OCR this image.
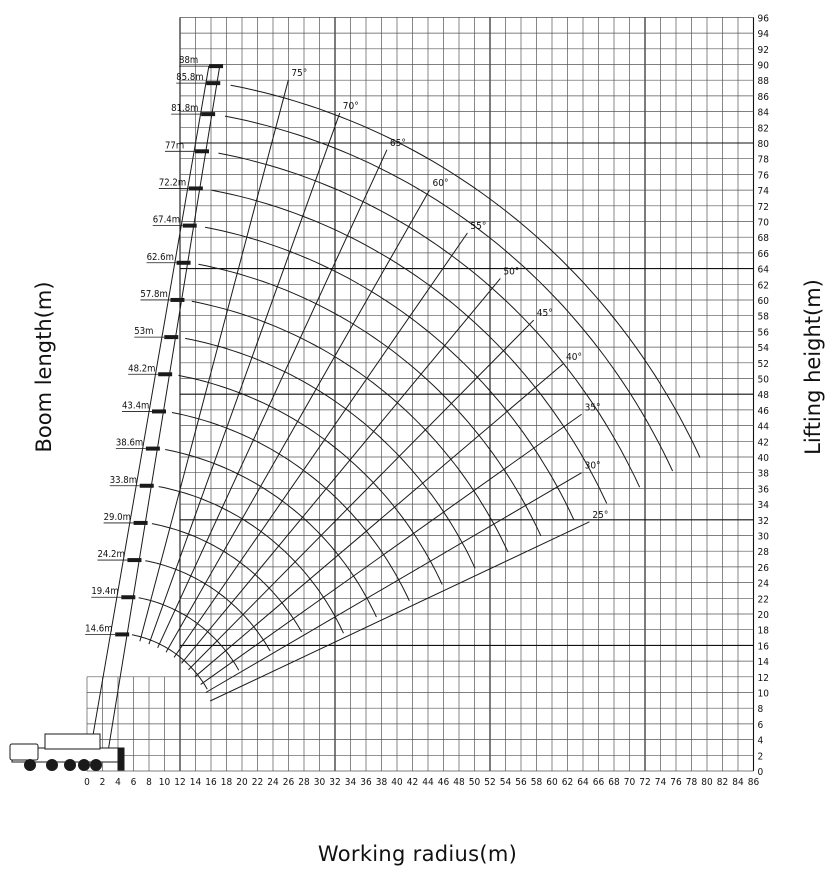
0 2 4 6 8 10 12 14 16 18 20 22 24 26 28 30 32 34 36 38 40 42 44 46 48 50 52 54 56 58 60 62 64 66 68 70 72 74 76 78 80 82 84 86
0
2
4
6
8
10
12
14
16
18
20
22
24
26
28
30
32
34
36
38
40
42
44
46
48
50
52
54
56
58
60
62
64
66
68
70
72
74
76
78
80
82
84
86
88
90
92
94
96
75°
70°
65°
60°
55°
50°
45°
40°
35°
30°
25°
14.6m
19.4m
24.2m
29.0m
33.8m
38.6m
43.4m
48.2m
53m
57.8m
62.6m
67.4m
72.2m
77m
81.8m
85.8m
88m
Working radius(m)
Boom length(m)	Lifting height(m)
